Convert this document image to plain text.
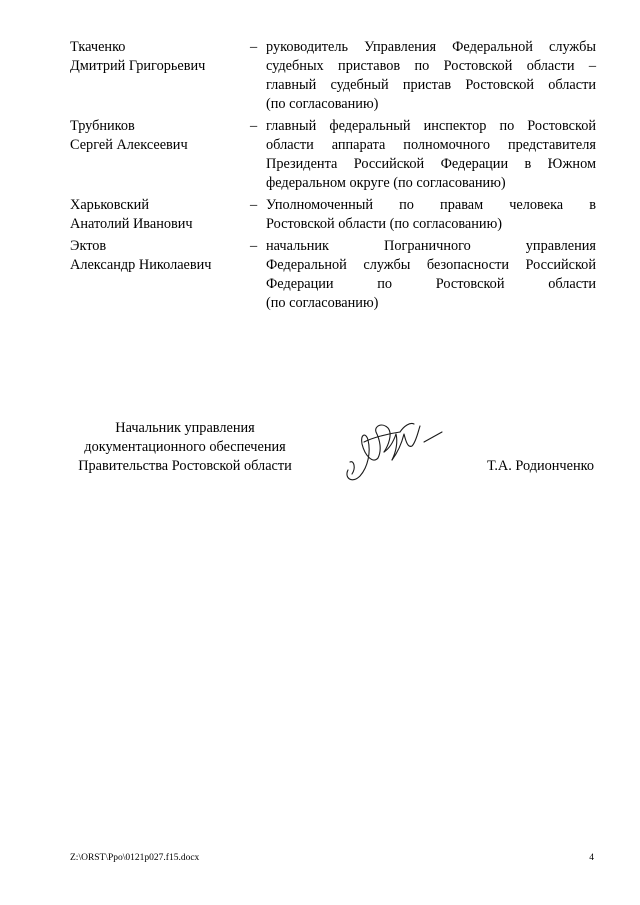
Ткаченко
Дмитрий Григорьевич
– руководитель Управления Федеральной службы
судебных приставов по Ростовской области –
главный судебный пристав Ростовской области
(по согласованию)
Трубников
Сергей Алексеевич
– главный федеральный инспектор по Ростовской
области аппарата полномочного представителя
Президента Российской Федерации в Южном
федеральном округе (по согласованию)
Харьковский
Анатолий Иванович
– Уполномоченный по правам человека в
Ростовской области (по согласованию)
Эктов
Александр Николаевич
– начальник Пограничного управления
Федеральной службы безопасности Российской
Федерации по Ростовской области
(по согласованию)
Начальник управления
документационного обеспечения
Правительства Ростовской области	Т.А. Родионченко
Z:\ORST\Ppo\0121p027.f15.docx	4
